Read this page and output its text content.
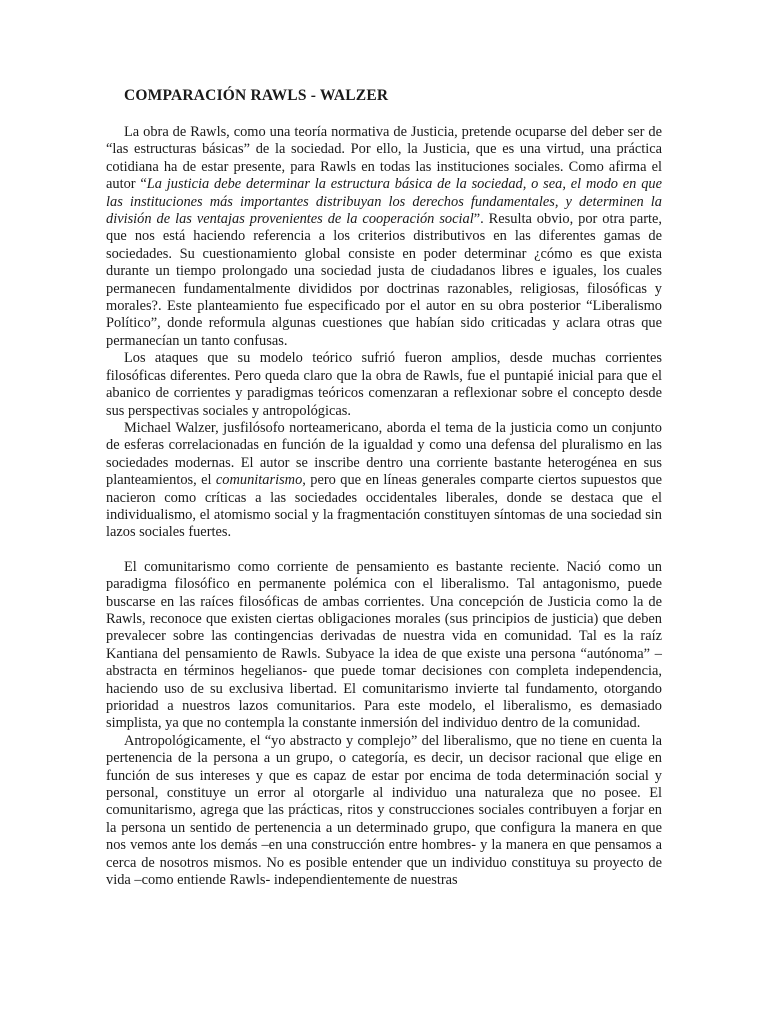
COMPARACIÓN RAWLS - WALZER

La obra de Rawls, como una teoría normativa de Justicia, pretende ocuparse del deber ser de “las estructuras básicas” de la sociedad. Por ello, la Justicia, que es una virtud, una práctica cotidiana ha de estar presente, para Rawls en todas las instituciones sociales. Como afirma el autor “La justicia debe determinar la estructura básica de la sociedad, o sea, el modo en que las instituciones más importantes distribuyan los derechos fundamentales, y determinen la división de las ventajas provenientes de la cooperación social”. Resulta obvio, por otra parte, que nos está haciendo referencia a los criterios distributivos en las diferentes gamas de sociedades. Su cuestionamiento global consiste en poder determinar ¿cómo es que exista durante un tiempo prolongado una sociedad justa de ciudadanos libres e iguales, los cuales permanecen fundamentalmente divididos por doctrinas razonables, religiosas, filosóficas y morales?. Este planteamiento fue especificado por el autor en su obra posterior “Liberalismo Político”, donde reformula algunas cuestiones que habían sido criticadas y aclara otras que permanecían un tanto confusas.

Los ataques que su modelo teórico sufrió fueron amplios, desde muchas corrientes filosóficas diferentes. Pero queda claro que la obra de Rawls, fue el puntapié inicial para que el abanico de corrientes y paradigmas teóricos comenzaran a reflexionar sobre el concepto desde sus perspectivas sociales y antropológicas.

Michael Walzer, jusfilósofo norteamericano, aborda el tema de la justicia como un conjunto de esferas correlacionadas en función de la igualdad y como una defensa del pluralismo en las sociedades modernas. El autor se inscribe dentro una corriente bastante heterogénea en sus planteamientos, el comunitarismo, pero que en líneas generales comparte ciertos supuestos que nacieron como críticas a las sociedades occidentales liberales, donde se destaca que el individualismo, el atomismo social y la fragmentación constituyen síntomas de una sociedad sin lazos sociales fuertes.

El comunitarismo como corriente de pensamiento es bastante reciente. Nació como un paradigma filosófico en permanente polémica con el liberalismo. Tal antagonismo, puede buscarse en las raíces filosóficas de ambas corrientes. Una concepción de Justicia como la de Rawls, reconoce que existen ciertas obligaciones morales (sus principios de justicia) que deben prevalecer sobre las contingencias derivadas de nuestra vida en comunidad. Tal es la raíz Kantiana del pensamiento de Rawls. Subyace la idea de que existe una persona “autónoma” –abstracta en términos hegelianos- que puede tomar decisiones con completa independencia, haciendo uso de su exclusiva libertad. El comunitarismo invierte tal fundamento, otorgando prioridad a nuestros lazos comunitarios. Para este modelo, el liberalismo, es demasiado simplista, ya que no contempla la constante inmersión del individuo dentro de la comunidad.

Antropológicamente, el “yo abstracto y complejo” del liberalismo, que no tiene en cuenta la pertenencia de la persona a un grupo, o categoría, es decir, un decisor racional que elige en función de sus intereses y que es capaz de estar por encima de toda determinación social y personal, constituye un error al otorgarle al individuo una naturaleza que no posee. El comunitarismo, agrega que las prácticas, ritos y construcciones sociales contribuyen a forjar en la persona un sentido de pertenencia a un determinado grupo, que configura la manera en que nos vemos ante los demás –en una construcción entre hombres- y la manera en que pensamos a cerca de nosotros mismos. No es posible entender que un individuo constituya su proyecto de vida –como entiende Rawls- independientemente de nuestras
